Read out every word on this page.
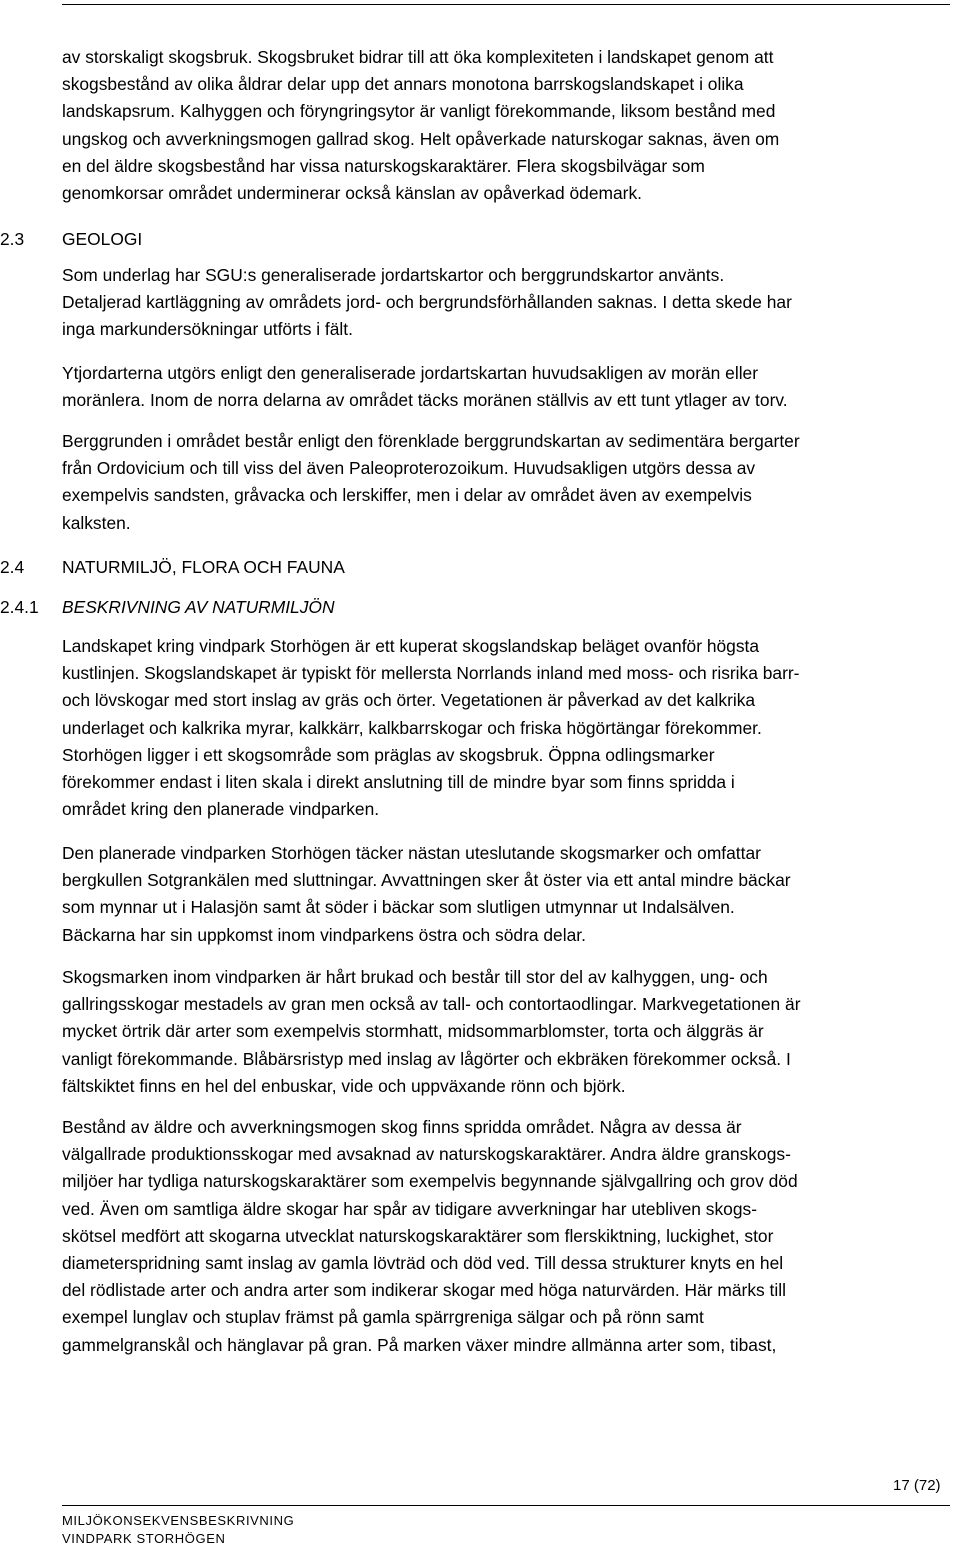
av storskaligt skogsbruk. Skogsbruket bidrar till att öka komplexiteten i landskapet genom att
skogsbestånd av olika åldrar delar upp det annars monotona barrskogslandskapet i olika
landskapsrum. Kalhyggen och föryngringsytor är vanligt förekommande, liksom bestånd med
ungskog och avverkningsmogen gallrad skog. Helt opåverkade naturskogar saknas, även om
en del äldre skogsbestånd har vissa naturskogskaraktärer. Flera skogsbilvägar som
genomkorsar området underminerar också känslan av opåverkad ödemark.
2.3 GEOLOGI
Som underlag har SGU:s generaliserade jordartskartor och berggrundskartor använts.
Detaljerad kartläggning av områdets jord- och bergrundsförhållanden saknas. I detta skede har
inga markundersökningar utförts i fält.
Ytjordarterna utgörs enligt den generaliserade jordartskartan huvudsakligen av morän eller
moränlera. Inom de norra delarna av området täcks moränen ställvis av ett tunt ytlager av torv.
Berggrunden i området består enligt den förenklade berggrundskartan av sedimentära bergarter
från Ordovicium och till viss del även Paleoproterozoikum. Huvudsakligen utgörs dessa av
exempelvis sandsten, gråvacka och lerskiffer, men i delar av området även av exempelvis
kalksten.
2.4 NATURMILJÖ, FLORA OCH FAUNA
2.4.1 BESKRIVNING AV NATURMILJÖN
Landskapet kring vindpark Storhögen är ett kuperat skogslandskap beläget ovanför högsta
kustlinjen. Skogslandskapet är typiskt för mellersta Norrlands inland med moss- och risrika barr-
och lövskogar med stort inslag av gräs och örter. Vegetationen är påverkad av det kalkrika
underlaget och kalkrika myrar, kalkkärr, kalkbarrskogar och friska högörtängar förekommer.
Storhögen ligger i ett skogsområde som präglas av skogsbruk. Öppna odlingsmarker
förekommer endast i liten skala i direkt anslutning till de mindre byar som finns spridda i
området kring den planerade vindparken.
Den planerade vindparken Storhögen täcker nästan uteslutande skogsmarker och omfattar
bergkullen Sotgrankälen med sluttningar. Avvattningen sker åt öster via ett antal mindre bäckar
som mynnar ut i Halasjön samt åt söder i bäckar som slutligen utmynnar ut Indalsälven.
Bäckarna har sin uppkomst inom vindparkens östra och södra delar.
Skogsmarken inom vindparken är hårt brukad och består till stor del av kalhyggen, ung- och
gallringsskogar mestadels av gran men också av tall- och contortaodlingar. Markvegetationen är
mycket örtrik där arter som exempelvis stormhatt, midsommarblomster, torta och älggräs är
vanligt förekommande. Blåbärsristyp med inslag av lågörter och ekbräken förekommer också. I
fältskiktet finns en hel del enbuskar, vide och uppväxande rönn och björk.
Bestånd av äldre och avverkningsmogen skog finns spridda området. Några av dessa är
välgallrade produktionsskogar med avsaknad av naturskogskaraktärer. Andra äldre granskogs-
miljöer har tydliga naturskogskaraktärer som exempelvis begynnande självgallring och grov död
ved. Även om samtliga äldre skogar har spår av tidigare avverkningar har utebliven skogs-
skötsel medfört att skogarna utvecklat naturskogskaraktärer som flerskiktning, luckighet, stor
diameterspridning samt inslag av gamla lövträd och död ved. Till dessa strukturer knyts en hel
del rödlistade arter och andra arter som indikerar skogar med höga naturvärden. Här märks till
exempel lunglav och stuplav främst på gamla spärrgreniga sälgar och på rönn samt
gammelgranskål och hänglavar på gran. På marken växer mindre allmänna arter som, tibast,
17 (72)
MILJÖKONSEKVENSBESKRIVNING
VINDPARK STORHÖGEN
